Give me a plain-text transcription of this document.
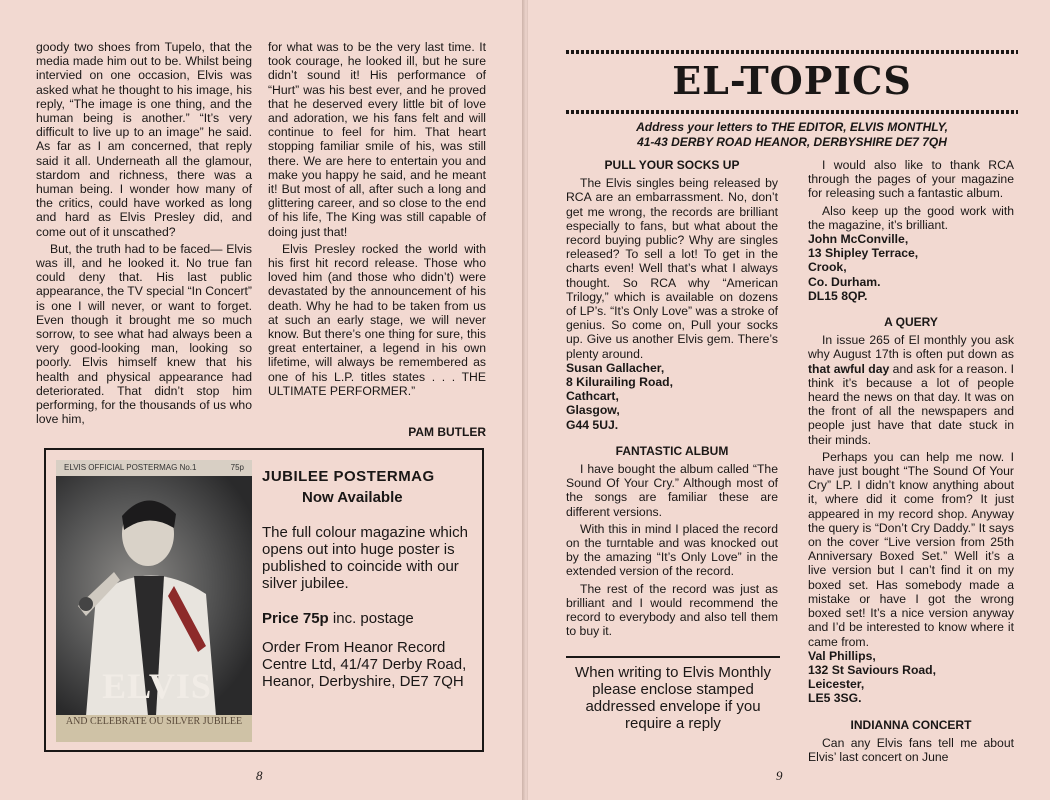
goody two shoes from Tupelo, that the media made him out to be. Whilst being intervied on one occasion, Elvis was asked what he thought to his image, his reply, “The image is one thing, and the human being is another.” “It’s very difficult to live up to an image” he said. As far as I am concerned, that reply said it all. Underneath all the glamour, stardom and richness, there was a human being. I wonder how many of the critics, could have worked as long and hard as Elvis Presley did, and come out of it unscathed?

But, the truth had to be faced— Elvis was ill, and he looked it. No true fan could deny that. His last public appearance, the TV special “In Concert” is one I will never, or want to forget. Even though it brought me so much sorrow, to see what had always been a very good-looking man, looking so poorly. Elvis himself knew that his health and physical appearance had deteriorated. That didn’t stop him performing, for the thousands of us who love him,

for what was to be the very last time. It took courage, he looked ill, but he sure didn’t sound it! His performance of “Hurt” was his best ever, and he proved that he deserved every little bit of love and adoration, we his fans felt and will continue to feel for him. That heart stopping familiar smile of his, was still there. We are here to entertain you and make you happy he said, and he meant it! But most of all, after such a long and glittering career, and so close to the end of his life, The King was still capable of doing just that!

Elvis Presley rocked the world with his first hit record release. Those who loved him (and those who didn’t) were devastated by the announcement of his death. Why he had to be taken from us at such an early stage, we will never know. But there’s one thing for sure, this great entertainer, a legend in his own lifetime, will always be remembered as one of his L.P. titles states . . . THE ULTIMATE PERFORMER.”

PAM BUTLER
ELVIS OFFICIAL POSTERMAG No.1	75p
ELVIS
AND CELEBRATE OU SILVER JUBILEE

JUBILEE POSTERMAG

Now Available

The full colour magazine which opens out into huge poster is published to coincide with our silver jubilee.
Price 75p inc. postage
Order From Heanor Record Centre Ltd, 41/47 Derby Road, Heanor, Derbyshire, DE7 7QH
8
EL-TOPICS
Address your letters to THE EDITOR, ELVIS MONTHLY,
41-43 DERBY ROAD HEANOR, DERBYSHIRE DE7 7QH

PULL YOUR SOCKS UP

The Elvis singles being released by RCA are an embarrassment. No, don’t get me wrong, the records are brilliant especially to fans, but what about the record buying public? Why are singles released? To sell a lot! To get in the charts even! Well that’s what I always thought. So RCA why “American Trilogy,” which is available on dozens of LP’s. “It’s Only Love” was a stroke of genius. So come on, Pull your socks up. Give us another Elvis gem. There’s plenty around.

Susan Gallacher,
8 Kilurailing Road,
Cathcart,
Glasgow,
G44 5UJ.

FANTASTIC ALBUM

I have bought the album called “The Sound Of Your Cry.” Although most of the songs are familiar these are different versions.

With this in mind I placed the record on the turntable and was knocked out by the amazing “It’s Only Love” in the extended version of the record.

The rest of the record was just as brilliant and I would recommend the record to everybody and also tell them to buy it.

When writing to Elvis Monthly please enclose stamped addressed envelope if you require a reply

I would also like to thank RCA through the pages of your magazine for releasing such a fantastic album.

Also keep up the good work with the magazine, it’s brilliant.

John McConville,
13 Shipley Terrace,
Crook,
Co. Durham.
DL15 8QP.

A QUERY

In issue 265 of El monthly you ask why August 17th is often put down as that awful day and ask for a reason. I think it’s because a lot of people heard the news on that day. It was on the front of all the newspapers and people just have that date stuck in their minds.

Perhaps you can help me now. I have just bought “The Sound Of Your Cry” LP. I didn’t know anything about it, where did it come from? It just appeared in my record shop. Anyway the query is “Don’t Cry Daddy.” It says on the cover “Live version from 25th Anniversary Boxed Set.” Well it’s a live version but I can’t find it on my boxed set. Has somebody made a mistake or have I got the wrong boxed set! It’s a nice version anyway and I’d be interested to know where it came from.

Val Phillips,
132 St Saviours Road,
Leicester,
LE5 3SG.

INDIANNA CONCERT

Can any Elvis fans tell me about Elvis’ last concert on June

9
